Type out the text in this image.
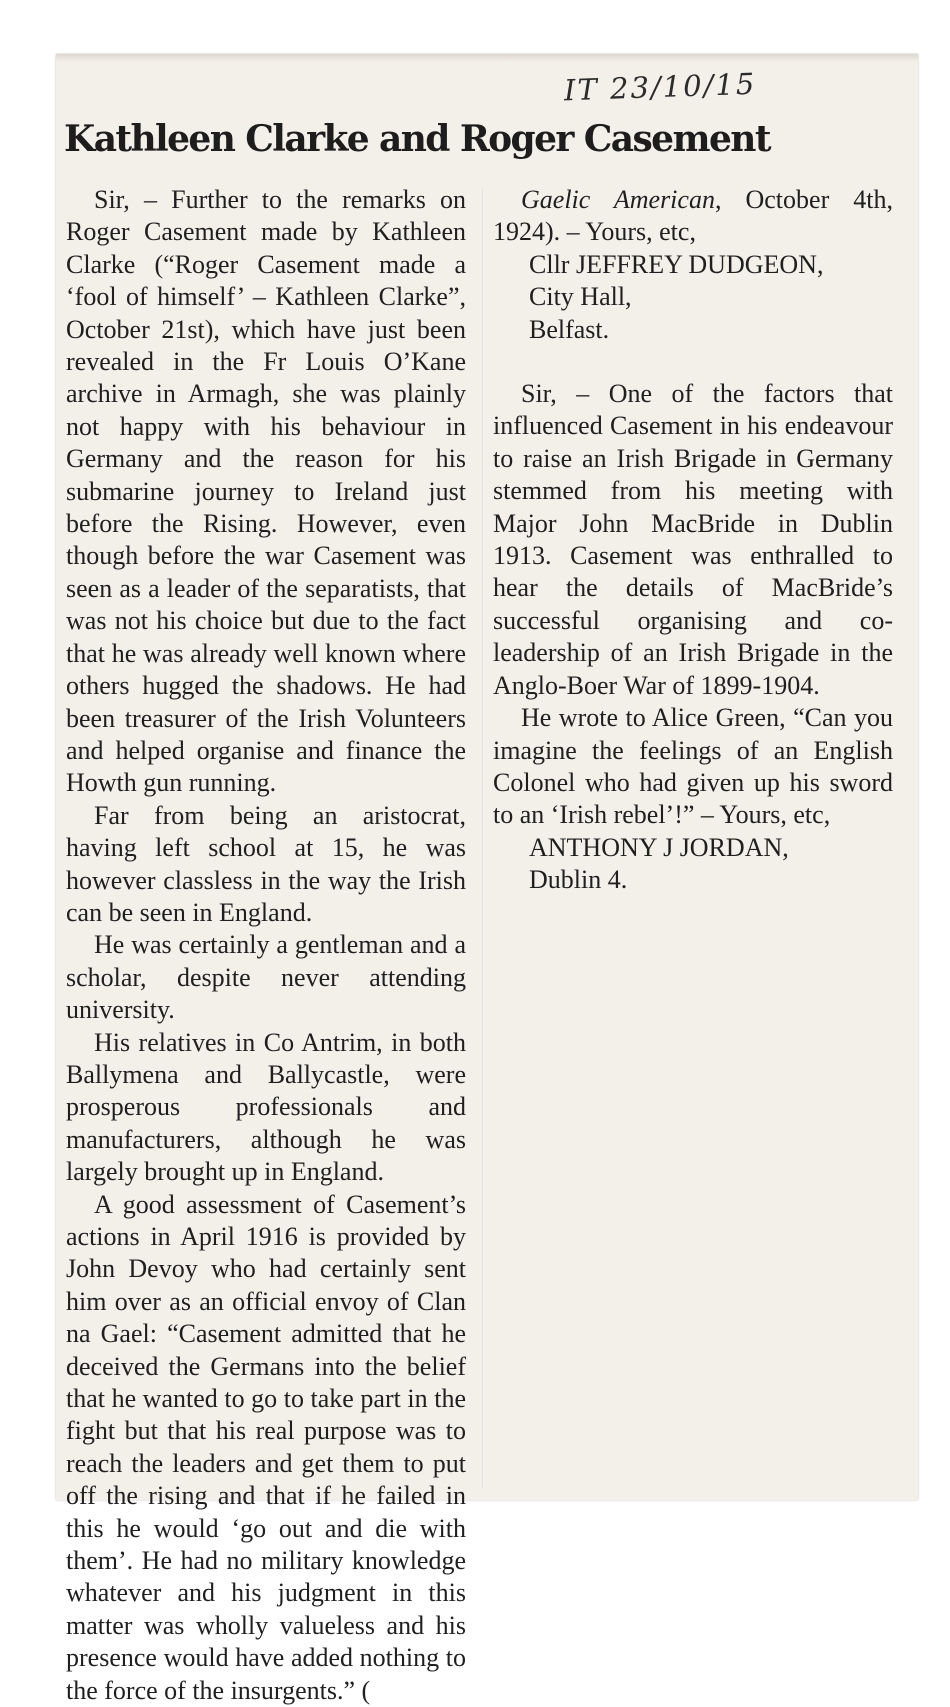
IT 23/10/15
Kathleen Clarke and Roger Casement

Sir, – Further to the remarks on Roger Casement made by Kathleen Clarke (“Roger Casement made a ‘fool of himself’ – Kathleen Clarke”, October 21st), which have just been revealed in the Fr Louis O’Kane archive in Armagh, she was plainly not happy with his behaviour in Germany and the reason for his submarine journey to Ireland just before the Rising. However, even though before the war Casement was seen as a leader of the separatists, that was not his choice but due to the fact that he was already well known where others hugged the shadows. He had been treasurer of the Irish Volunteers and helped organise and finance the Howth gun running.

Far from being an aristocrat, having left school at 15, he was however classless in the way the Irish can be seen in England.

He was certainly a gentleman and a scholar, despite never attending university.

His relatives in Co Antrim, in both Ballymena and Ballycastle, were prosperous professionals and manufacturers, although he was largely brought up in England.

A good assessment of Casement’s actions in April 1916 is provided by John Devoy who had certainly sent him over as an official envoy of Clan na Gael: “Casement admitted that he deceived the Germans into the belief that he wanted to go to take part in the fight but that his real purpose was to reach the leaders and get them to put off the rising and that if he failed in this he would ‘go out and die with them’. He had no military knowledge whatever and his judgment in this matter was wholly valueless and his presence would have added nothing to the force of the insurgents.” (

Gaelic American, October 4th, 1924). – Yours, etc,

Cllr JEFFREY DUDGEON,

City Hall,

Belfast.

Sir, – One of the factors that influenced Casement in his endeavour to raise an Irish Brigade in Germany stemmed from his meeting with Major John MacBride in Dublin 1913. Casement was enthralled to hear the details of MacBride’s successful organising and co-leadership of an Irish Brigade in the Anglo-Boer War of 1899-1904.

He wrote to Alice Green, “Can you imagine the feelings of an English Colonel who had given up his sword to an ‘Irish rebel’!” – Yours, etc,

ANTHONY J JORDAN,

Dublin 4.
